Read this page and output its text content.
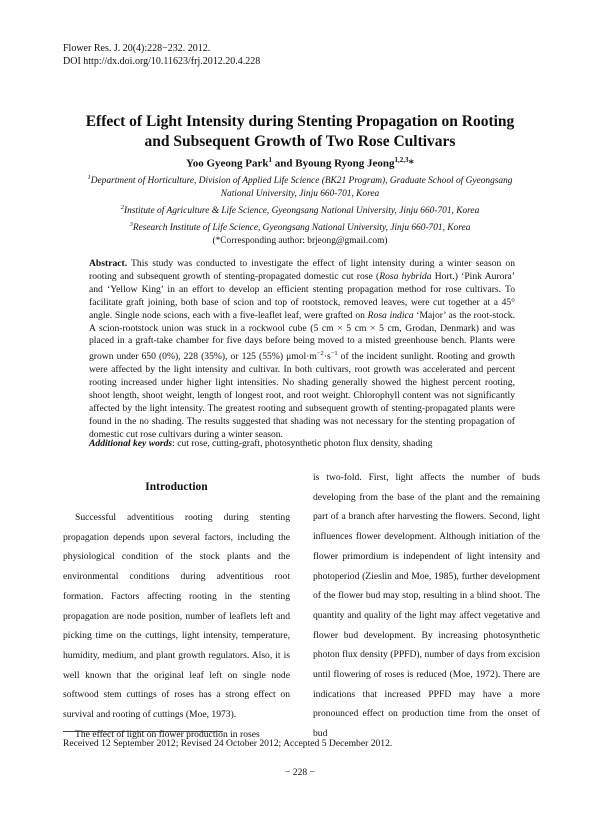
Flower Res. J. 20(4):228−232. 2012.
DOI http://dx.doi.org/10.11623/frj.2012.20.4.228
Effect of Light Intensity during Stenting Propagation on Rooting
and Subsequent Growth of Two Rose Cultivars
Yoo Gyeong Park$^1$ and Byoung Ryong Jeong$^{1,2,3}$*
$^1$Department of Horticulture, Division of Applied Life Science (BK21 Program), Graduate School of Gyeongsang
National University, Jinju 660-701, Korea
$^2$Institute of Agriculture & Life Science, Gyeongsang National University, Jinju 660-701, Korea
$^3$Research Institute of Life Science, Gyeongsang National University, Jinju 660-701, Korea
(*Corresponding author: brjeong@gmail.com)
Abstract. This study was conducted to investigate the effect of light intensity during a winter season on rooting and subsequent growth of stenting-propagated domestic cut rose (Rosa hybrida Hort.) ‘Pink Aurora’ and ‘Yellow King’ in an effort to develop an efficient stenting propagation method for rose cultivars. To facilitate graft joining, both base of scion and top of rootstock, removed leaves, were cut together at a 45° angle. Single node scions, each with a five-leaflet leaf, were grafted on Rosa indica ‘Major’ as the root-stock. A scion-rootstock union was stuck in a rockwool cube (5 cm × 5 cm × 5 cm, Grodan, Denmark) and was placed in a graft-take chamber for five days before being moved to a misted greenhouse bench. Plants were grown under 650 (0%), 228 (35%), or 125 (55%) $\mu mol\cdot m^{-2}\cdot s^{-1}$ of the incident sunlight. Rooting and growth were affected by the light intensity and cultivar. In both cultivars, root growth was accelerated and percent rooting increased under higher light intensities. No shading generally showed the highest percent rooting, shoot length, shoot weight, length of longest root, and root weight. Chlorophyll content was not significantly affected by the light intensity. The greatest rooting and subsequent growth of stenting-propagated plants were found in the no shading. The results suggested that shading was not necessary for the stenting propagation of domestic cut rose cultivars during a winter season.
Additional key words: cut rose, cutting-graft, photosynthetic photon flux density, shading
Introduction

Successful adventitious rooting during stenting propagation depends upon several factors, including the physiological condition of the stock plants and the environmental conditions during adventitious root formation. Factors affecting rooting in the stenting propagation are node position, number of leaflets left and picking time on the cuttings, light intensity, temperature, humidity, medium, and plant growth regulators. Also, it is well known that the original leaf left on single node softwood stem cuttings of roses has a strong effect on survival and rooting of cuttings (Moe, 1973).

The effect of light on flower production in roses

is two-fold. First, light affects the number of buds developing from the base of the plant and the remaining part of a branch after harvesting the flowers. Second, light influences flower development. Although initiation of the flower primordium is independent of light intensity and photoperiod (Zieslin and Moe, 1985), further development of the flower bud may stop, resulting in a blind shoot. The quantity and quality of the light may affect vegetative and flower bud development. By increasing photosynthetic photon flux density (PPFD), number of days from excision until flowering of roses is reduced (Moe, 1972). There are indications that increased PPFD may have a more pronounced effect on production time from the onset of bud

Received 12 September 2012; Revised 24 October 2012; Accepted 5 December 2012.
− 228 −
